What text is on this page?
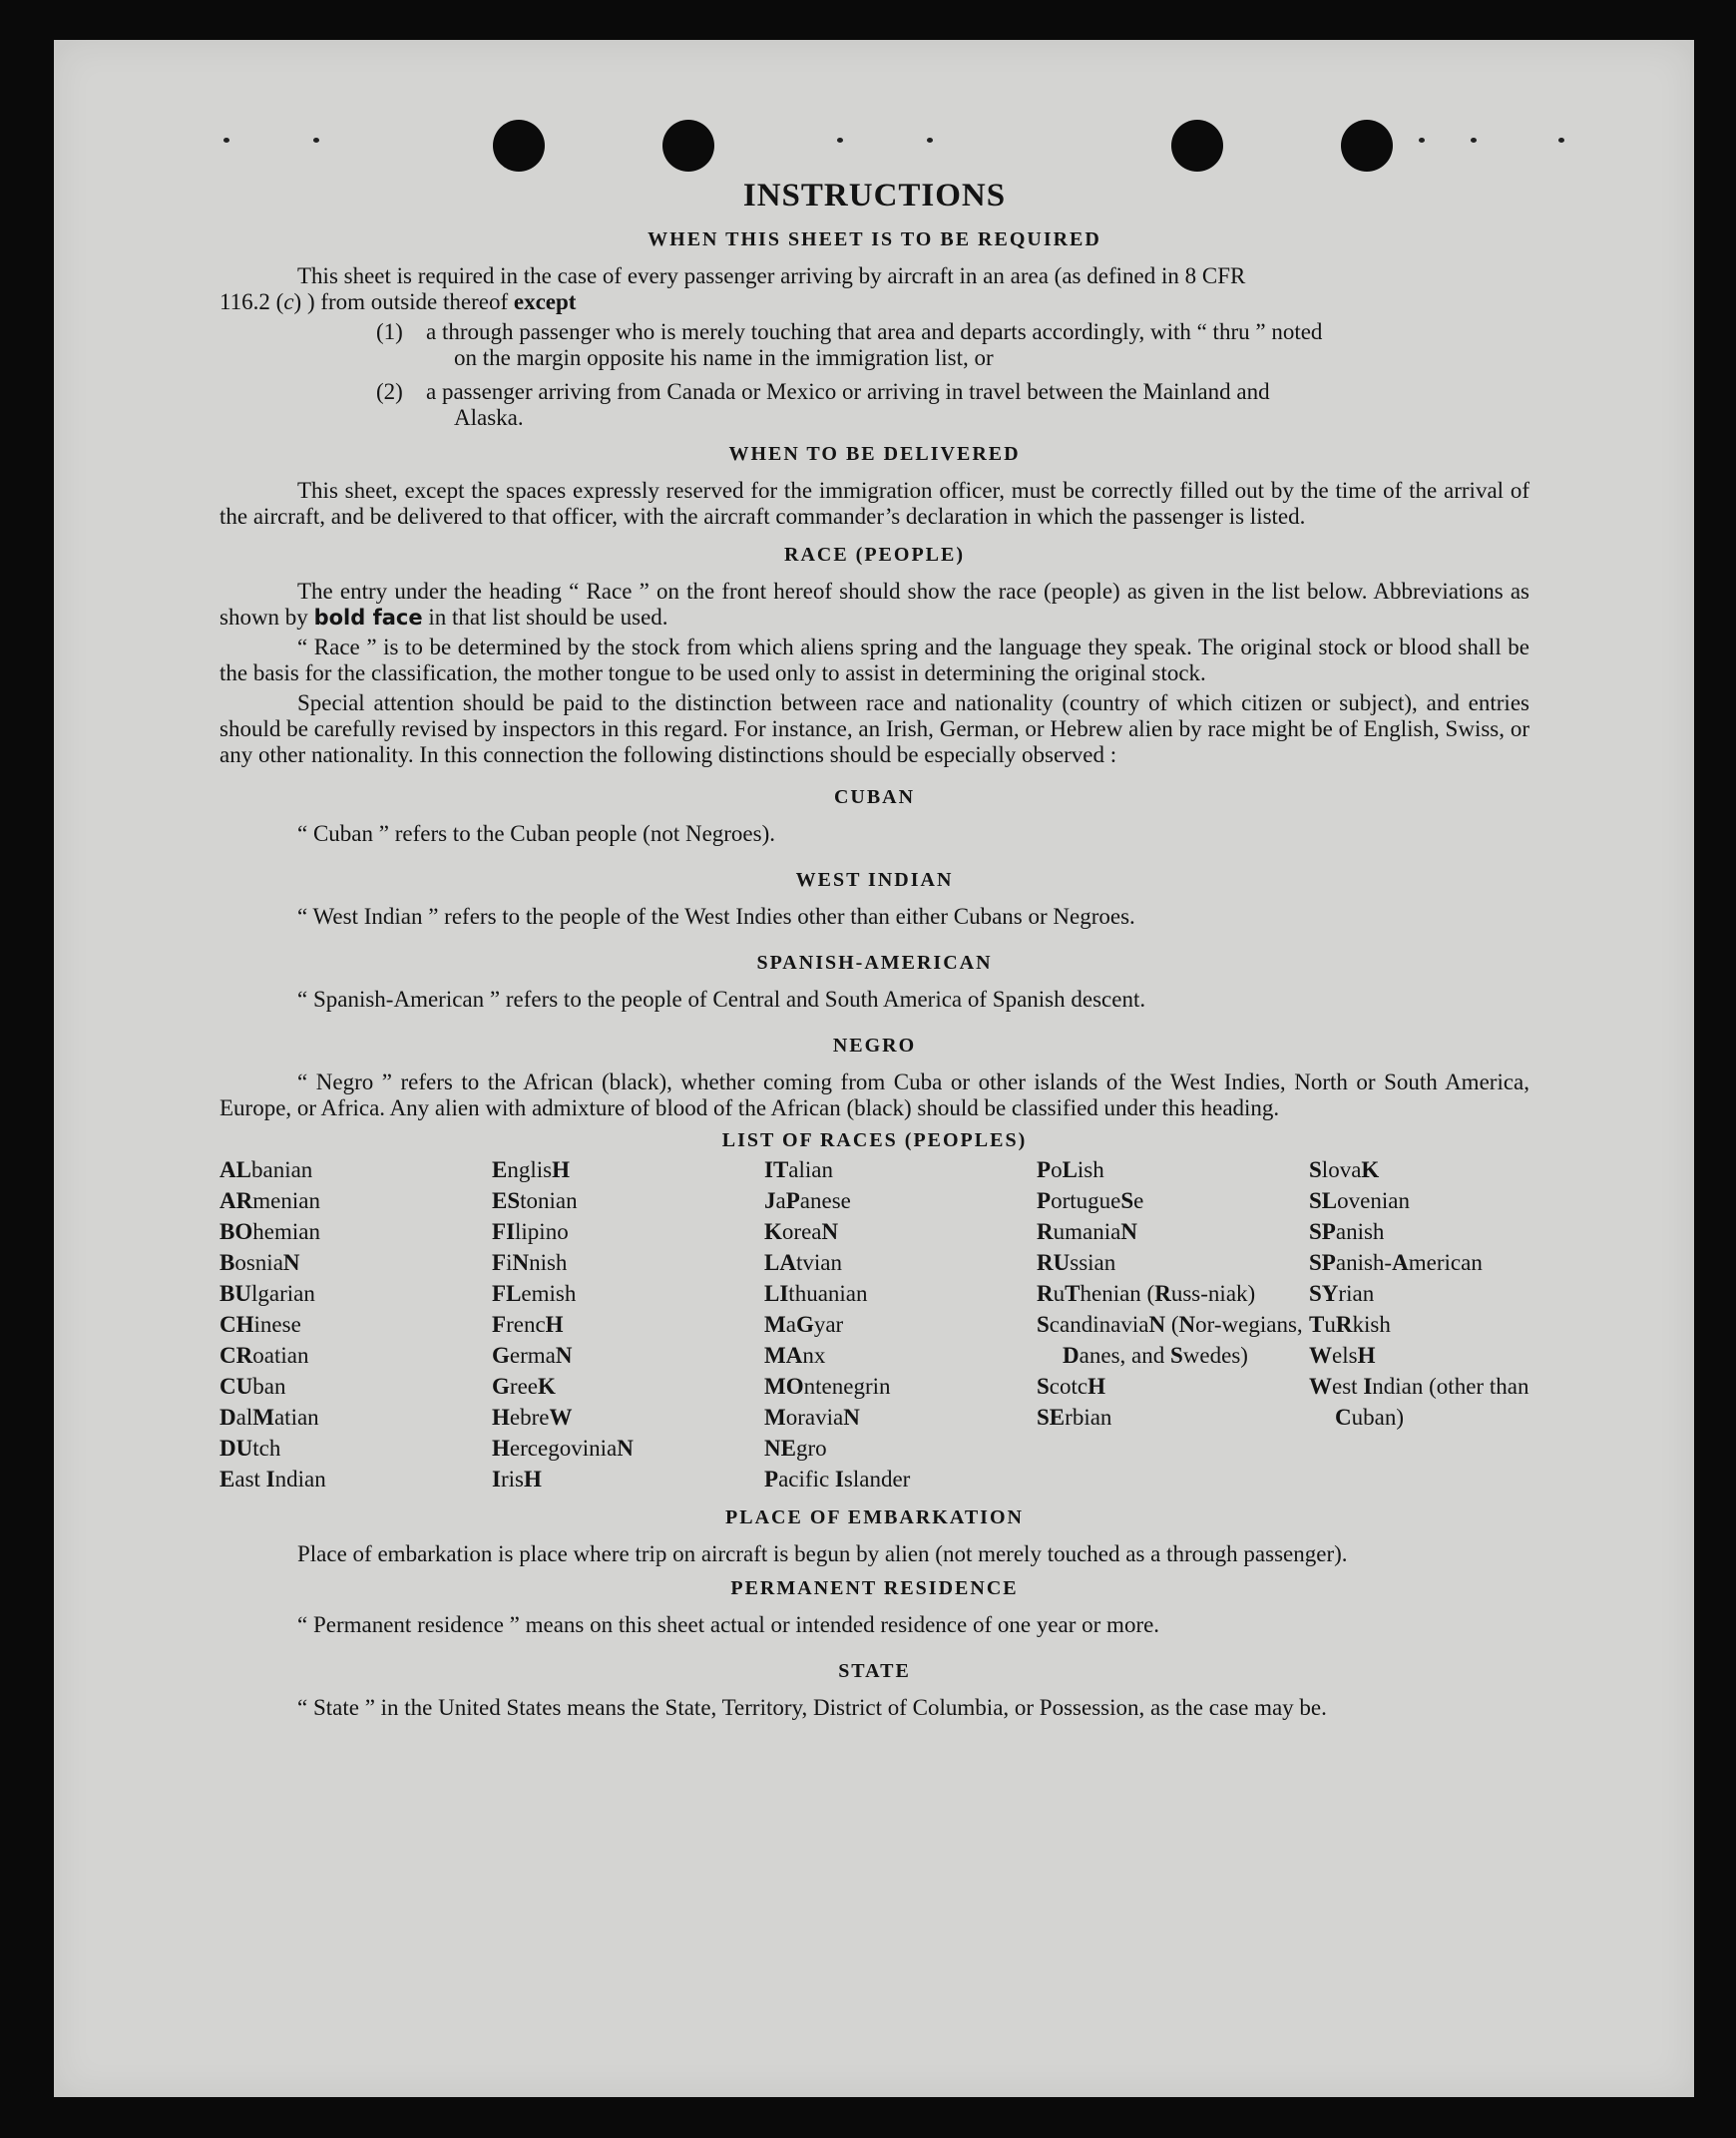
INSTRUCTIONS
WHEN THIS SHEET IS TO BE REQUIRED

This sheet is required in the case of every passenger arriving by aircraft in an area (as defined in 8 CFR

116.2 (c) ) from outside thereof except

(1)	a through passenger who is merely touching that area and departs accordingly, with “ thru ” noted
on the margin opposite his name in the immigration list, or
(2)	a passenger arriving from Canada or Mexico or arriving in travel between the Mainland and
Alaska.
WHEN TO BE DELIVERED

This sheet, except the spaces expressly reserved for the immigration officer, must be correctly filled out by the time of the arrival of the aircraft, and be delivered to that officer, with the aircraft commander’s declaration in which the passenger is listed.

RACE (PEOPLE)

The entry under the heading “ Race ” on the front hereof should show the race (people) as given in the list below. Abbreviations as shown by bold face in that list should be used.

“ Race ” is to be determined by the stock from which aliens spring and the language they speak. The original stock or blood shall be the basis for the classification, the mother tongue to be used only to assist in determining the original stock.

Special attention should be paid to the distinction between race and nationality (country of which citizen or subject), and entries should be carefully revised by inspectors in this regard. For instance, an Irish, German, or Hebrew alien by race might be of English, Swiss, or any other nationality. In this connection the following distinctions should be especially observed :

CUBAN

“ Cuban ” refers to the Cuban people (not Negroes).

WEST INDIAN

“ West Indian ” refers to the people of the West Indies other than either Cubans or Negroes.

SPANISH-AMERICAN

“ Spanish-American ” refers to the people of Central and South America of Spanish descent.

NEGRO

“ Negro ” refers to the African (black), whether coming from Cuba or other islands of the West Indies, North or South America, Europe, or Africa. Any alien with admixture of blood of the African (black) should be classified under this heading.

LIST OF RACES (PEOPLES)
ALbanian
ARmenian
BOhemian
BosniaN
BUlgarian
CHinese
CRoatian
CUban
DalMatian
DUtch
East Indian
EnglisH
EStonian
FIlipino
FiNnish
FLemish
FrencH
GermaN
GreeK
HebreW
HercegoviniaN
IrisH
ITalian
JaPanese
KoreaN
LAtvian
LIthuanian
MaGyar
MAnx
MOntenegrin
MoraviaN
NEgro
Pacific Islander
PoLish
PortugueSe
RumaniaN
RUssian
RuThenian (Russ-niak)
ScandinaviaN (Nor-wegians, Danes, and Swedes)
ScotcH
SErbian
SlovaK
SLovenian
SPanish
SPanish-American
SYrian
TuRkish
WelsH
West Indian (other than Cuban)
PLACE OF EMBARKATION

Place of embarkation is place where trip on aircraft is begun by alien (not merely touched as a through passenger).

PERMANENT RESIDENCE

“ Permanent residence ” means on this sheet actual or intended residence of one year or more.

STATE

“ State ” in the United States means the State, Territory, District of Columbia, or Possession, as the case may be.
